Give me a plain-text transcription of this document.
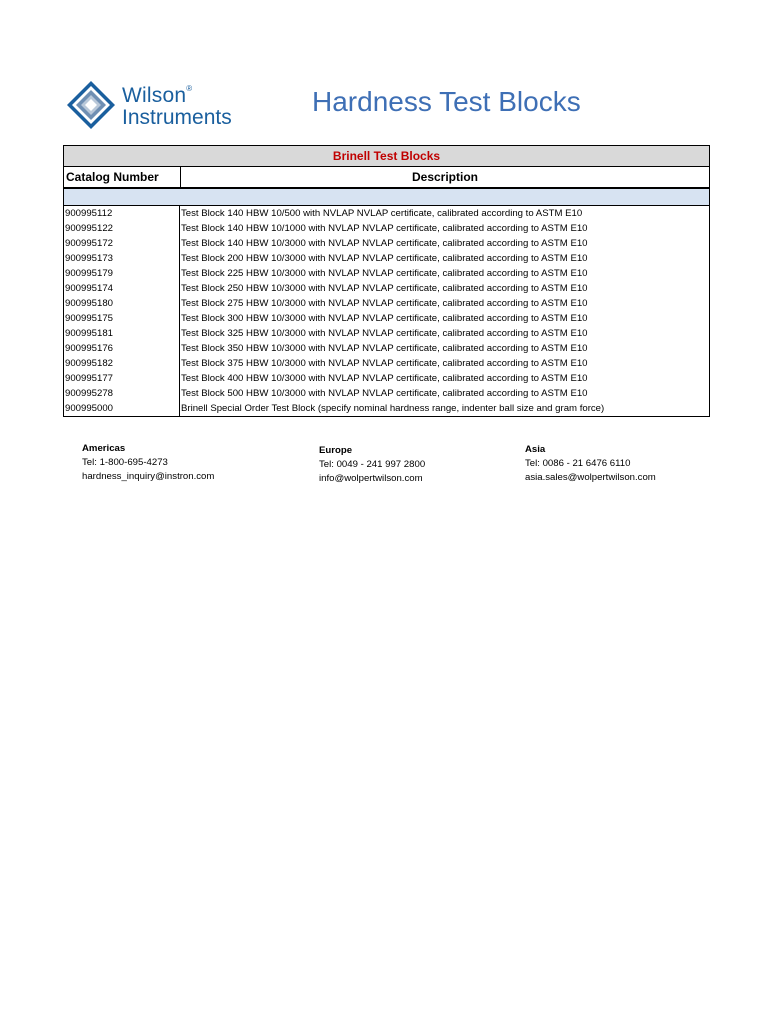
Wilson®
Instruments
Hardness Test Blocks
Brinell Test Blocks
Catalog Number	Description
900995112	Test Block 140 HBW 10/500 with NVLAP NVLAP certificate, calibrated according to ASTM E10
900995122	Test Block 140 HBW 10/1000 with NVLAP NVLAP certificate, calibrated according to ASTM E10
900995172	Test Block 140 HBW 10/3000 with NVLAP NVLAP certificate, calibrated according to ASTM E10
900995173	Test Block 200 HBW 10/3000 with NVLAP NVLAP certificate, calibrated according to ASTM E10
900995179	Test Block 225 HBW 10/3000 with NVLAP NVLAP certificate, calibrated according to ASTM E10
900995174	Test Block 250 HBW 10/3000 with NVLAP NVLAP certificate, calibrated according to ASTM E10
900995180	Test Block 275 HBW 10/3000 with NVLAP NVLAP certificate, calibrated according to ASTM E10
900995175	Test Block 300 HBW 10/3000 with NVLAP NVLAP certificate, calibrated according to ASTM E10
900995181	Test Block 325 HBW 10/3000 with NVLAP NVLAP certificate, calibrated according to ASTM E10
900995176	Test Block 350 HBW 10/3000 with NVLAP NVLAP certificate, calibrated according to ASTM E10
900995182	Test Block 375 HBW 10/3000 with NVLAP NVLAP certificate, calibrated according to ASTM E10
900995177	Test Block 400 HBW 10/3000 with NVLAP NVLAP certificate, calibrated according to ASTM E10
900995278	Test Block 500 HBW 10/3000 with NVLAP NVLAP certificate, calibrated according to ASTM E10
900995000	Brinell Special Order Test Block (specify nominal hardness range, indenter ball size and gram force)
Americas
Tel: 1-800-695-4273
hardness_inquiry@instron.com
Europe
Tel: 0049 - 241 997 2800
info@wolpertwilson.com
Asia
Tel: 0086 - 21 6476 6110
asia.sales@wolpertwilson.com
